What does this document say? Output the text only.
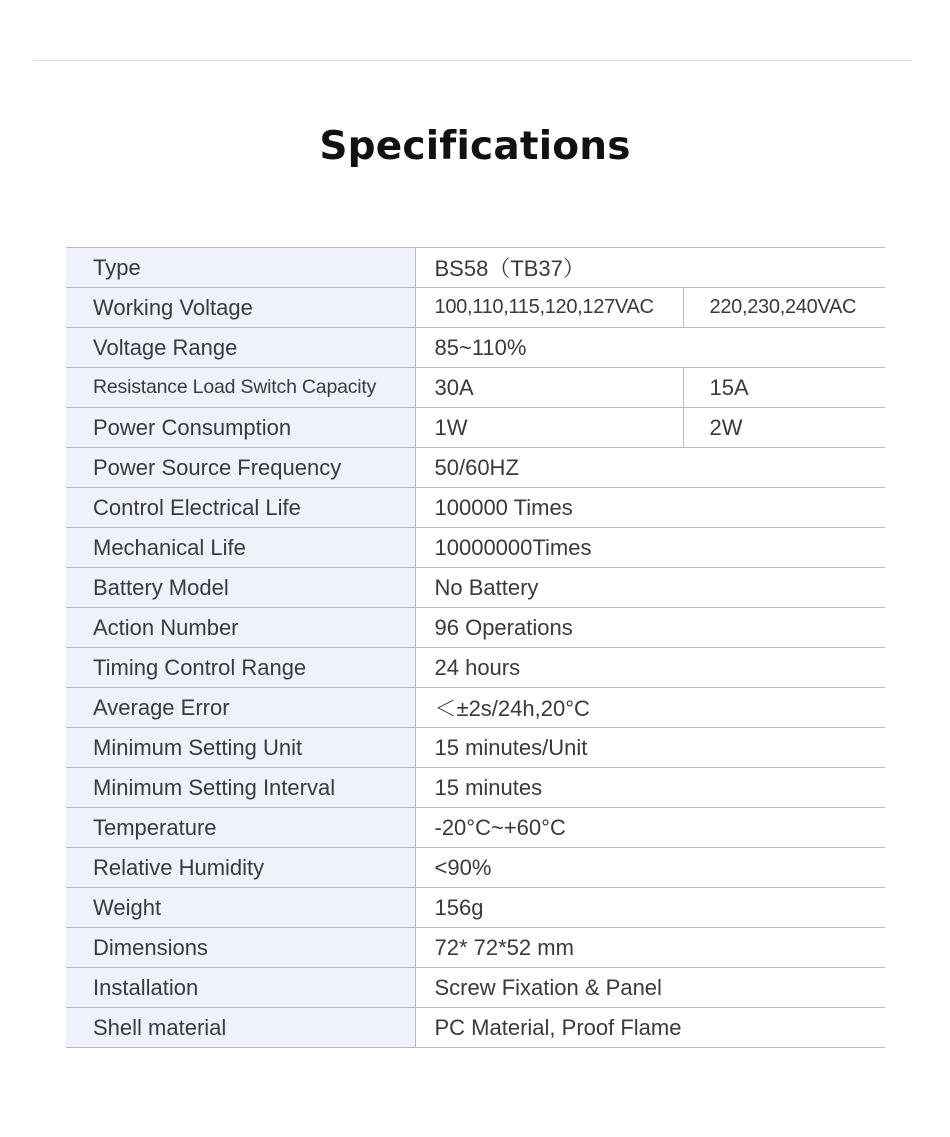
Specifications
Type	BS58（TB37）	
Working Voltage	100,110,115,120,127VAC	220,230,240VAC
Voltage Range	85~110%	
Resistance Load Switch Capacity	30A	15A
Power Consumption	1W	2W
Power Source Frequency	50/60HZ	
Control Electrical Life	100000 Times	
Mechanical Life	10000000Times	
Battery Model	No Battery	
Action Number	96 Operations	
Timing Control Range	24 hours	
Average Error	＜±2s/24h,20°C	
Minimum Setting Unit	15 minutes/Unit	
Minimum Setting Interval	15 minutes	
Temperature	-20°C~+60°C	
Relative Humidity	<90%	
Weight	156g	
Dimensions	72* 72*52 mm	
Installation	Screw Fixation & Panel	
Shell material	PC Material, Proof Flame	
